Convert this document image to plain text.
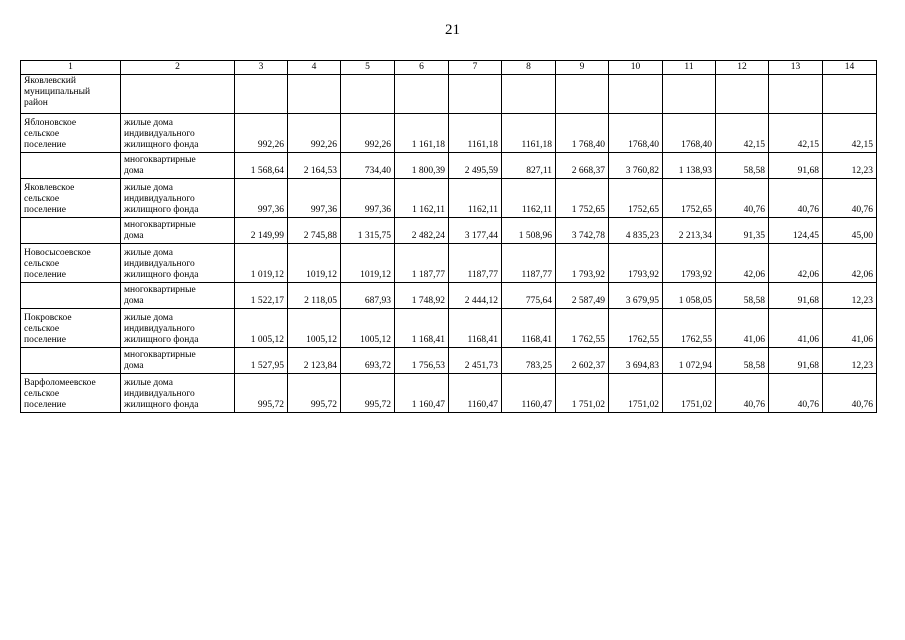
21
1	2	3	4	5	6	7	8	9	10	11	12	13	14

Яковлевский
муниципальный
район													

Яблоновское
сельское
поселение	жилые дома
индивидуального
жилищного фонда	992,26	992,26	992,26	1 161,18	1161,18	1161,18	1 768,40	1768,40	1768,40	42,15	42,15	42,15

	многоквартирные
дома	1 568,64	2 164,53	734,40	1 800,39	2 495,59	827,11	2 668,37	3 760,82	1 138,93	58,58	91,68	12,23

Яковлевское
сельское
поселение	жилые дома
индивидуального
жилищного фонда	997,36	997,36	997,36	1 162,11	1162,11	1162,11	1 752,65	1752,65	1752,65	40,76	40,76	40,76

	многоквартирные
дома	2 149,99	2 745,88	1 315,75	2 482,24	3 177,44	1 508,96	3 742,78	4 835,23	2 213,34	91,35	124,45	45,00

Новосысоевское
сельское
поселение	жилые дома
индивидуального
жилищного фонда	1 019,12	1019,12	1019,12	1 187,77	1187,77	1187,77	1 793,92	1793,92	1793,92	42,06	42,06	42,06

	многоквартирные
дома	1 522,17	2 118,05	687,93	1 748,92	2 444,12	775,64	2 587,49	3 679,95	1 058,05	58,58	91,68	12,23

Покровское
сельское
поселение	жилые дома
индивидуального
жилищного фонда	1 005,12	1005,12	1005,12	1 168,41	1168,41	1168,41	1 762,55	1762,55	1762,55	41,06	41,06	41,06

	многоквартирные
дома	1 527,95	2 123,84	693,72	1 756,53	2 451,73	783,25	2 602,37	3 694,83	1 072,94	58,58	91,68	12,23

Варфоломеевское
сельское
поселение	жилые дома
индивидуального
жилищного фонда	995,72	995,72	995,72	1 160,47	1160,47	1160,47	1 751,02	1751,02	1751,02	40,76	40,76	40,76
